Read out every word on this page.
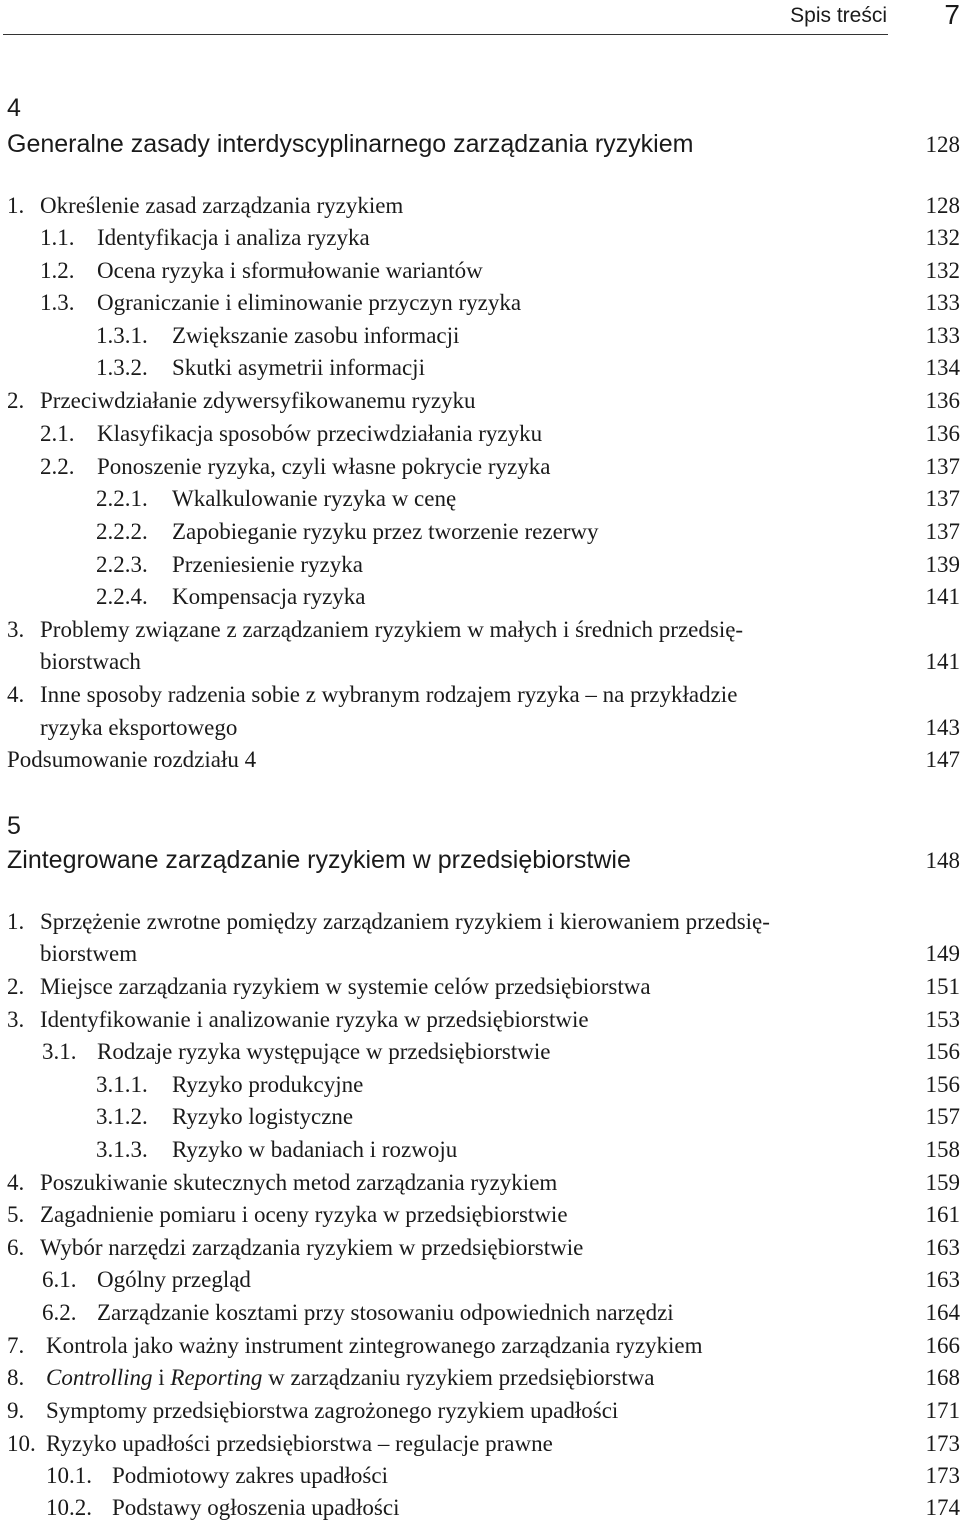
Spis treści 7
4
Generalne zasady interdyscyplinarnego zarządzania ryzykiem	128
1. Określenie zasad zarządzania ryzykiem	128
1.1. Identyfikacja i analiza ryzyka	132
1.2. Ocena ryzyka i sformułowanie wariantów	132
1.3. Ograniczanie i eliminowanie przyczyn ryzyka	133
1.3.1. Zwiększanie zasobu informacji	133
1.3.2. Skutki asymetrii informacji	134
2. Przeciwdziałanie zdywersyfikowanemu ryzyku	136
2.1. Klasyfikacja sposobów przeciwdziałania ryzyku	136
2.2. Ponoszenie ryzyka, czyli własne pokrycie ryzyka	137
2.2.1. Wkalkulowanie ryzyka w cenę	137
2.2.2. Zapobieganie ryzyku przez tworzenie rezerwy	137
2.2.3. Przeniesienie ryzyka	139
2.2.4. Kompensacja ryzyka	141
3. Problemy związane z zarządzaniem ryzykiem w małych i średnich przedsię-
biorstwach	141
4. Inne sposoby radzenia sobie z wybranym rodzajem ryzyka – na przykładzie
ryzyka eksportowego	143
Podsumowanie rozdziału 4	147
5
Zintegrowane zarządzanie ryzykiem w przedsiębiorstwie	148
1. Sprzężenie zwrotne pomiędzy zarządzaniem ryzykiem i kierowaniem przedsię-
biorstwem	149
2. Miejsce zarządzania ryzykiem w systemie celów przedsiębiorstwa	151
3. Identyfikowanie i analizowanie ryzyka w przedsiębiorstwie	153
3.1. Rodzaje ryzyka występujące w przedsiębiorstwie	156
3.1.1. Ryzyko produkcyjne	156
3.1.2. Ryzyko logistyczne	157
3.1.3. Ryzyko w badaniach i rozwoju	158
4. Poszukiwanie skutecznych metod zarządzania ryzykiem	159
5. Zagadnienie pomiaru i oceny ryzyka w przedsiębiorstwie	161
6. Wybór narzędzi zarządzania ryzykiem w przedsiębiorstwie	163
6.1. Ogólny przegląd	163
6.2. Zarządzanie kosztami przy stosowaniu odpowiednich narzędzi	164
7. Kontrola jako ważny instrument zintegrowanego zarządzania ryzykiem	166
8. Controlling i Reporting w zarządzaniu ryzykiem przedsiębiorstwa	168
9. Symptomy przedsiębiorstwa zagrożonego ryzykiem upadłości	171
10. Ryzyko upadłości przedsiębiorstwa – regulacje prawne	173
10.1. Podmiotowy zakres upadłości	173
10.2. Podstawy ogłoszenia upadłości	174
